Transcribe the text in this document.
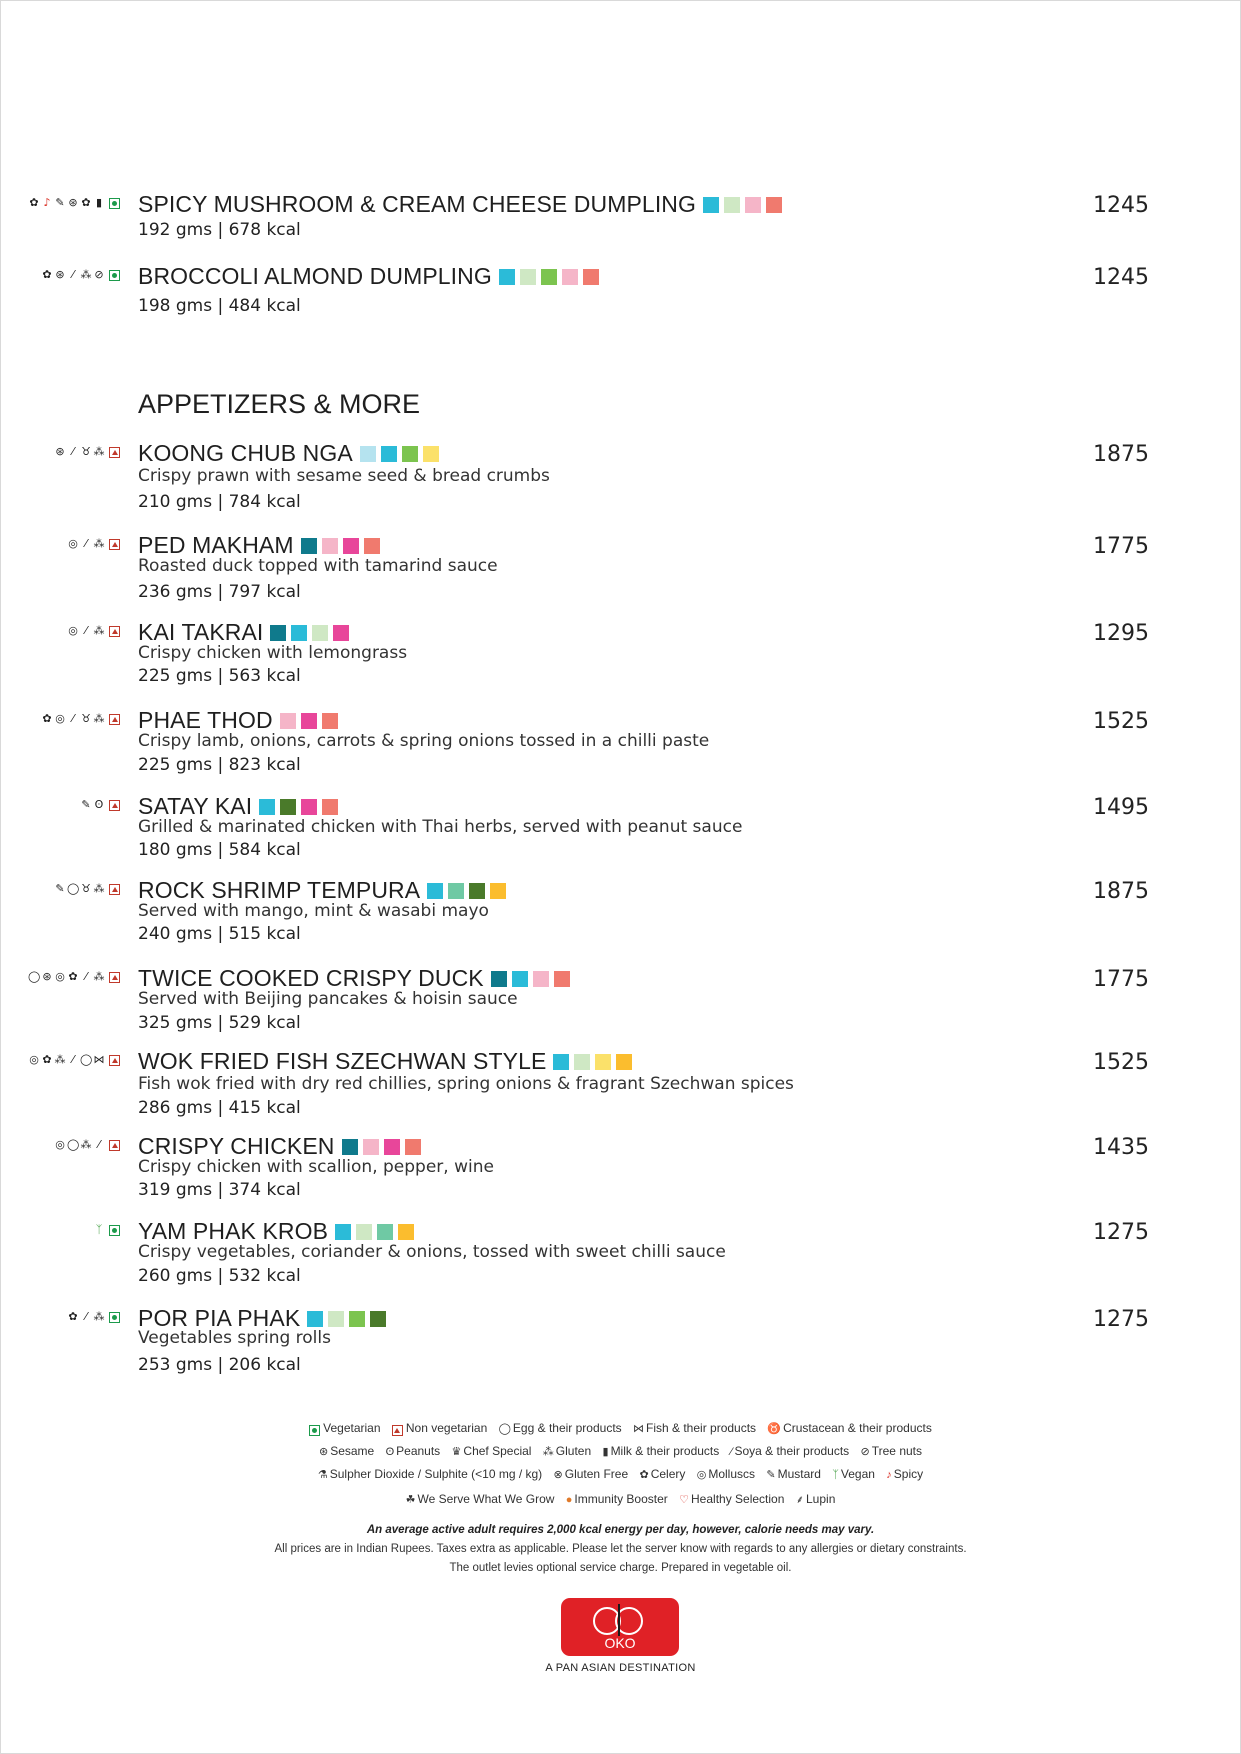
✿ ♪ ✎ ⊛ ✿ ▮ SPICY MUSHROOM & CREAM CHEESE DUMPLING
192 gms | 678 kcal
1245
✿ ⊛ ⁄ ⁂ ⊘ BROCCOLI ALMOND DUMPLING
198 gms | 484 kcal
1245
⊛ ⁄ ♉ ⁂ KOONG CHUB NGA
Crispy prawn with sesame seed & bread crumbs
210 gms | 784 kcal
1875
◎ ⁄ ⁂ PED MAKHAM
Roasted duck topped with tamarind sauce
236 gms | 797 kcal
1775
◎ ⁄ ⁂ KAI TAKRAI
Crispy chicken with lemongrass
225 gms | 563 kcal
1295
✿ ◎ ⁄ ♉ ⁂ PHAE THOD
Crispy lamb, onions, carrots & spring onions tossed in a chilli paste
225 gms | 823 kcal
1525
✎ ʘ SATAY KAI
Grilled & marinated chicken with Thai herbs, served with peanut sauce
180 gms | 584 kcal
1495
✎ ◯ ♉ ⁂ ROCK SHRIMP TEMPURA
Served with mango, mint & wasabi mayo
240 gms | 515 kcal
1875
◯ ⊛ ◎ ✿ ⁄ ⁂ TWICE COOKED CRISPY DUCK
Served with Beijing pancakes & hoisin sauce
325 gms | 529 kcal
1775
◎ ✿ ⁂ ⁄ ◯ ⋈ WOK FRIED FISH SZECHWAN STYLE
Fish wok fried with dry red chillies, spring onions & fragrant Szechwan spices
286 gms | 415 kcal
1525
◎ ◯ ⁂ ⁄ CRISPY CHICKEN
Crispy chicken with scallion, pepper, wine
319 gms | 374 kcal
1435
ᛉ YAM PHAK KROB
Crispy vegetables, coriander & onions, tossed with sweet chilli sauce
260 gms | 532 kcal
1275
✿ ⁄ ⁂ POR PIA PHAK
Vegetables spring rolls
253 gms | 206 kcal
1275
APPETIZERS & MORE
Vegetarian Non vegetarian ◯ Egg & their products ⋈ Fish & their products ♉ Crustacean & their products
⊛ Sesame ʘ Peanuts ♛ Chef Special ⁂ Gluten ▮ Milk & their products ⁄ Soya & their products ⊘ Tree nuts
⚗ Sulpher Dioxide / Sulphite (<10 mg / kg) ⊗ Gluten Free ✿ Celery ◎ Molluscs ✎ Mustard ᛉ Vegan ♪ Spicy
☘ We Serve What We Grow ● Immunity Booster ♡ Healthy Selection ⸙ Lupin
An average active adult requires 2,000 kcal energy per day, however, calorie needs may vary.
All prices are in Indian Rupees. Taxes extra as applicable. Please let the server know with regards to any allergies or dietary constraints.
The outlet levies optional service charge. Prepared in vegetable oil.
OKO
A PAN ASIAN DESTINATION
